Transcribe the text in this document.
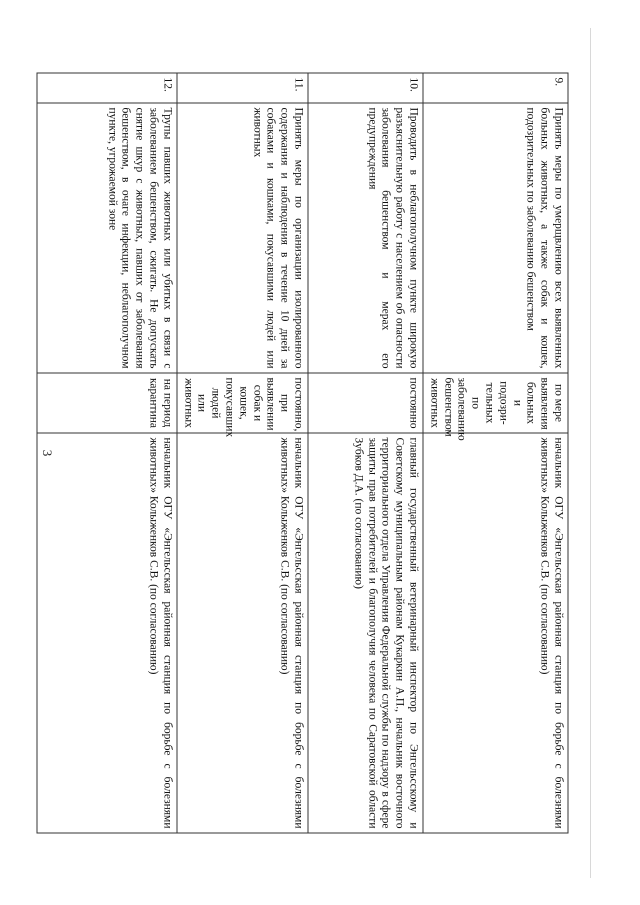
3
9.	Принять меры по умерщвлению всех выявленных больных животных, а также собак и кошек, подозрительных по заболеванию бешенством	по мере выявления больных и подозри-тельных по заболеванию бешенством животных	начальник ОГУ «Энгельсская районная станция по борьбе с болезнями животных» Колыженков С.В. (по согласованию)
10.	Проводить в неблагополучном пункте широкую разъяснительную работу с населением об опасности заболевания бешенством и мерах его предупреждения	постоянно	главный государственный ветеринарный инспектор по Энгельсскому и Советскому муниципальным районам Кукаркин А.П., начальник восточного территориального отдела Управления Федеральной службы по надзору в сфере защиты прав потребителей и благополучия человека по Саратовской области Зубков Д.А. (по согласованию)
11.	Принять меры по организации изолированного содержания и наблюдения в течение 10 дней за собаками и кошками, покусавшими людей или животных	постоянно, при выявлении собак и кошек, покусавших людей или животных	начальник ОГУ «Энгельсская районная станция по борьбе с болезнями животных» Колыженков С.В. (по согласованию)
12.	Трупы павших животных или убитых в связи с заболеванием бешенством, сжигать. Не допускать снятие шкур с животных, павших от заболевания бешенством, в очаге инфекции, неблагополучном пункте, угрожаемой зоне	на период карантина	начальник ОГУ «Энгельсская районная станция по борьбе с болезнями животных» Колыженков С.В. (по согласованию)
